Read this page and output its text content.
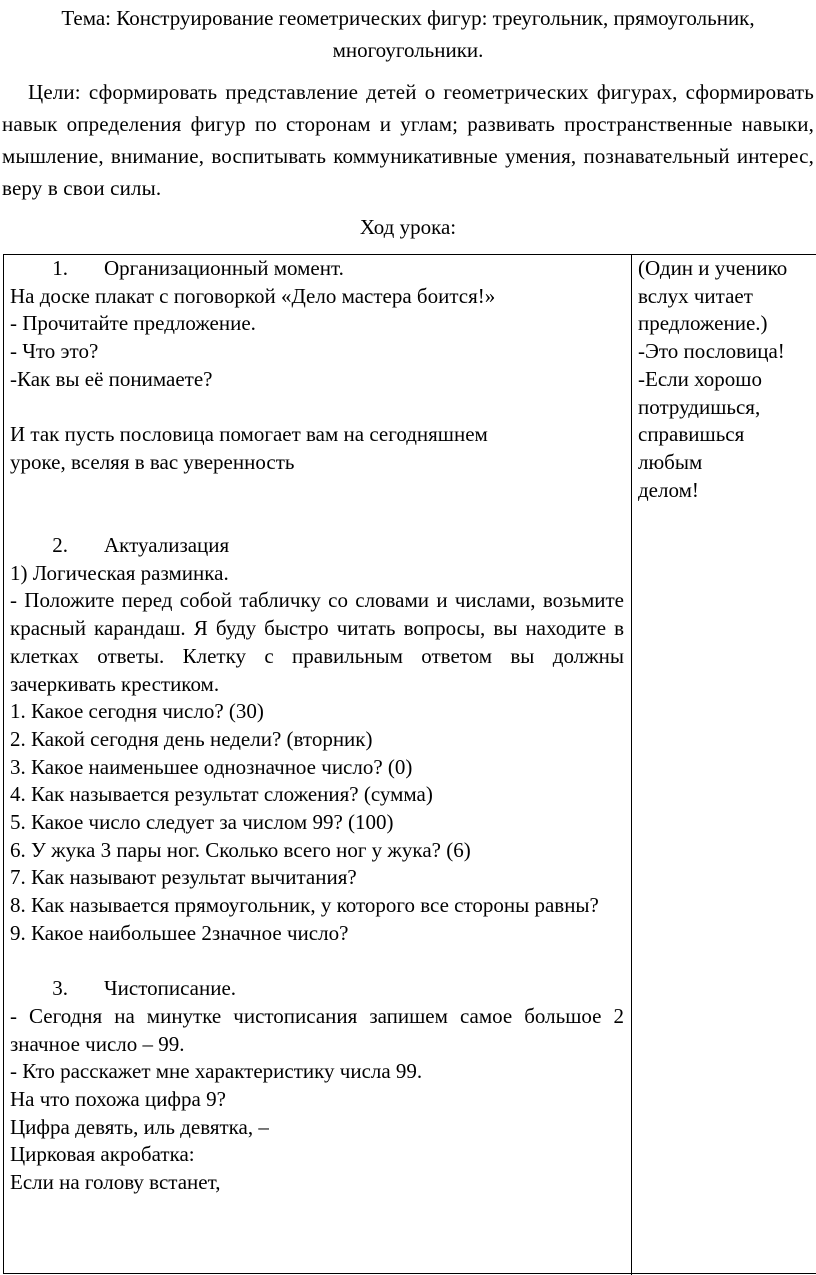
Тема: Конструирование геометрических фигур: треугольник, прямоугольник, многоугольники.
Цели: сформировать представление детей о геометрических фигурах, сформировать навык определения фигур по сторонам и углам; развивать пространственные навыки, мышление, внимание, воспитывать коммуникативные умения, познавательный интерес, веру в свои силы.
Ход урока:
1. Организационный момент.
На доске плакат с поговоркой «Дело мастера боится!»
- Прочитайте предложение.
- Что это?
-Как вы её понимаете?
И так пусть пословица помогает вам на сегодняшнем
уроке, вселяя в вас уверенность
2. Актуализация
1) Логическая разминка.
- Положите перед собой табличку со словами и числами, возьмите красный карандаш. Я буду быстро читать вопросы, вы находите в клетках ответы. Клетку с правильным ответом вы должны зачеркивать крестиком.
1. Какое сегодня число? (30)
2. Какой сегодня день недели? (вторник)
3. Какое наименьшее однозначное число? (0)
4. Как называется результат сложения? (сумма)
5. Какое число следует за числом 99? (100)
6. У жука 3 пары ног. Сколько всего ног у жука? (6)
7. Как называют результат вычитания?
8. Как называется прямоугольник, у которого все стороны равны?
9. Какое наибольшее 2значное число?
3. Чистописание.
- Сегодня на минутке чистописания запишем самое большое 2 значное число – 99.
- Кто расскажет мне характеристику числа 99.
На что похожа цифра 9?
Цифра девять, иль девятка, –
Цирковая акробатка:
Если на голову встанет,
(Один и ученико
вслух читает
предложение.)
-Это пословица!
-Если хорошо
потрудишься,
справишься
любым
делом!
